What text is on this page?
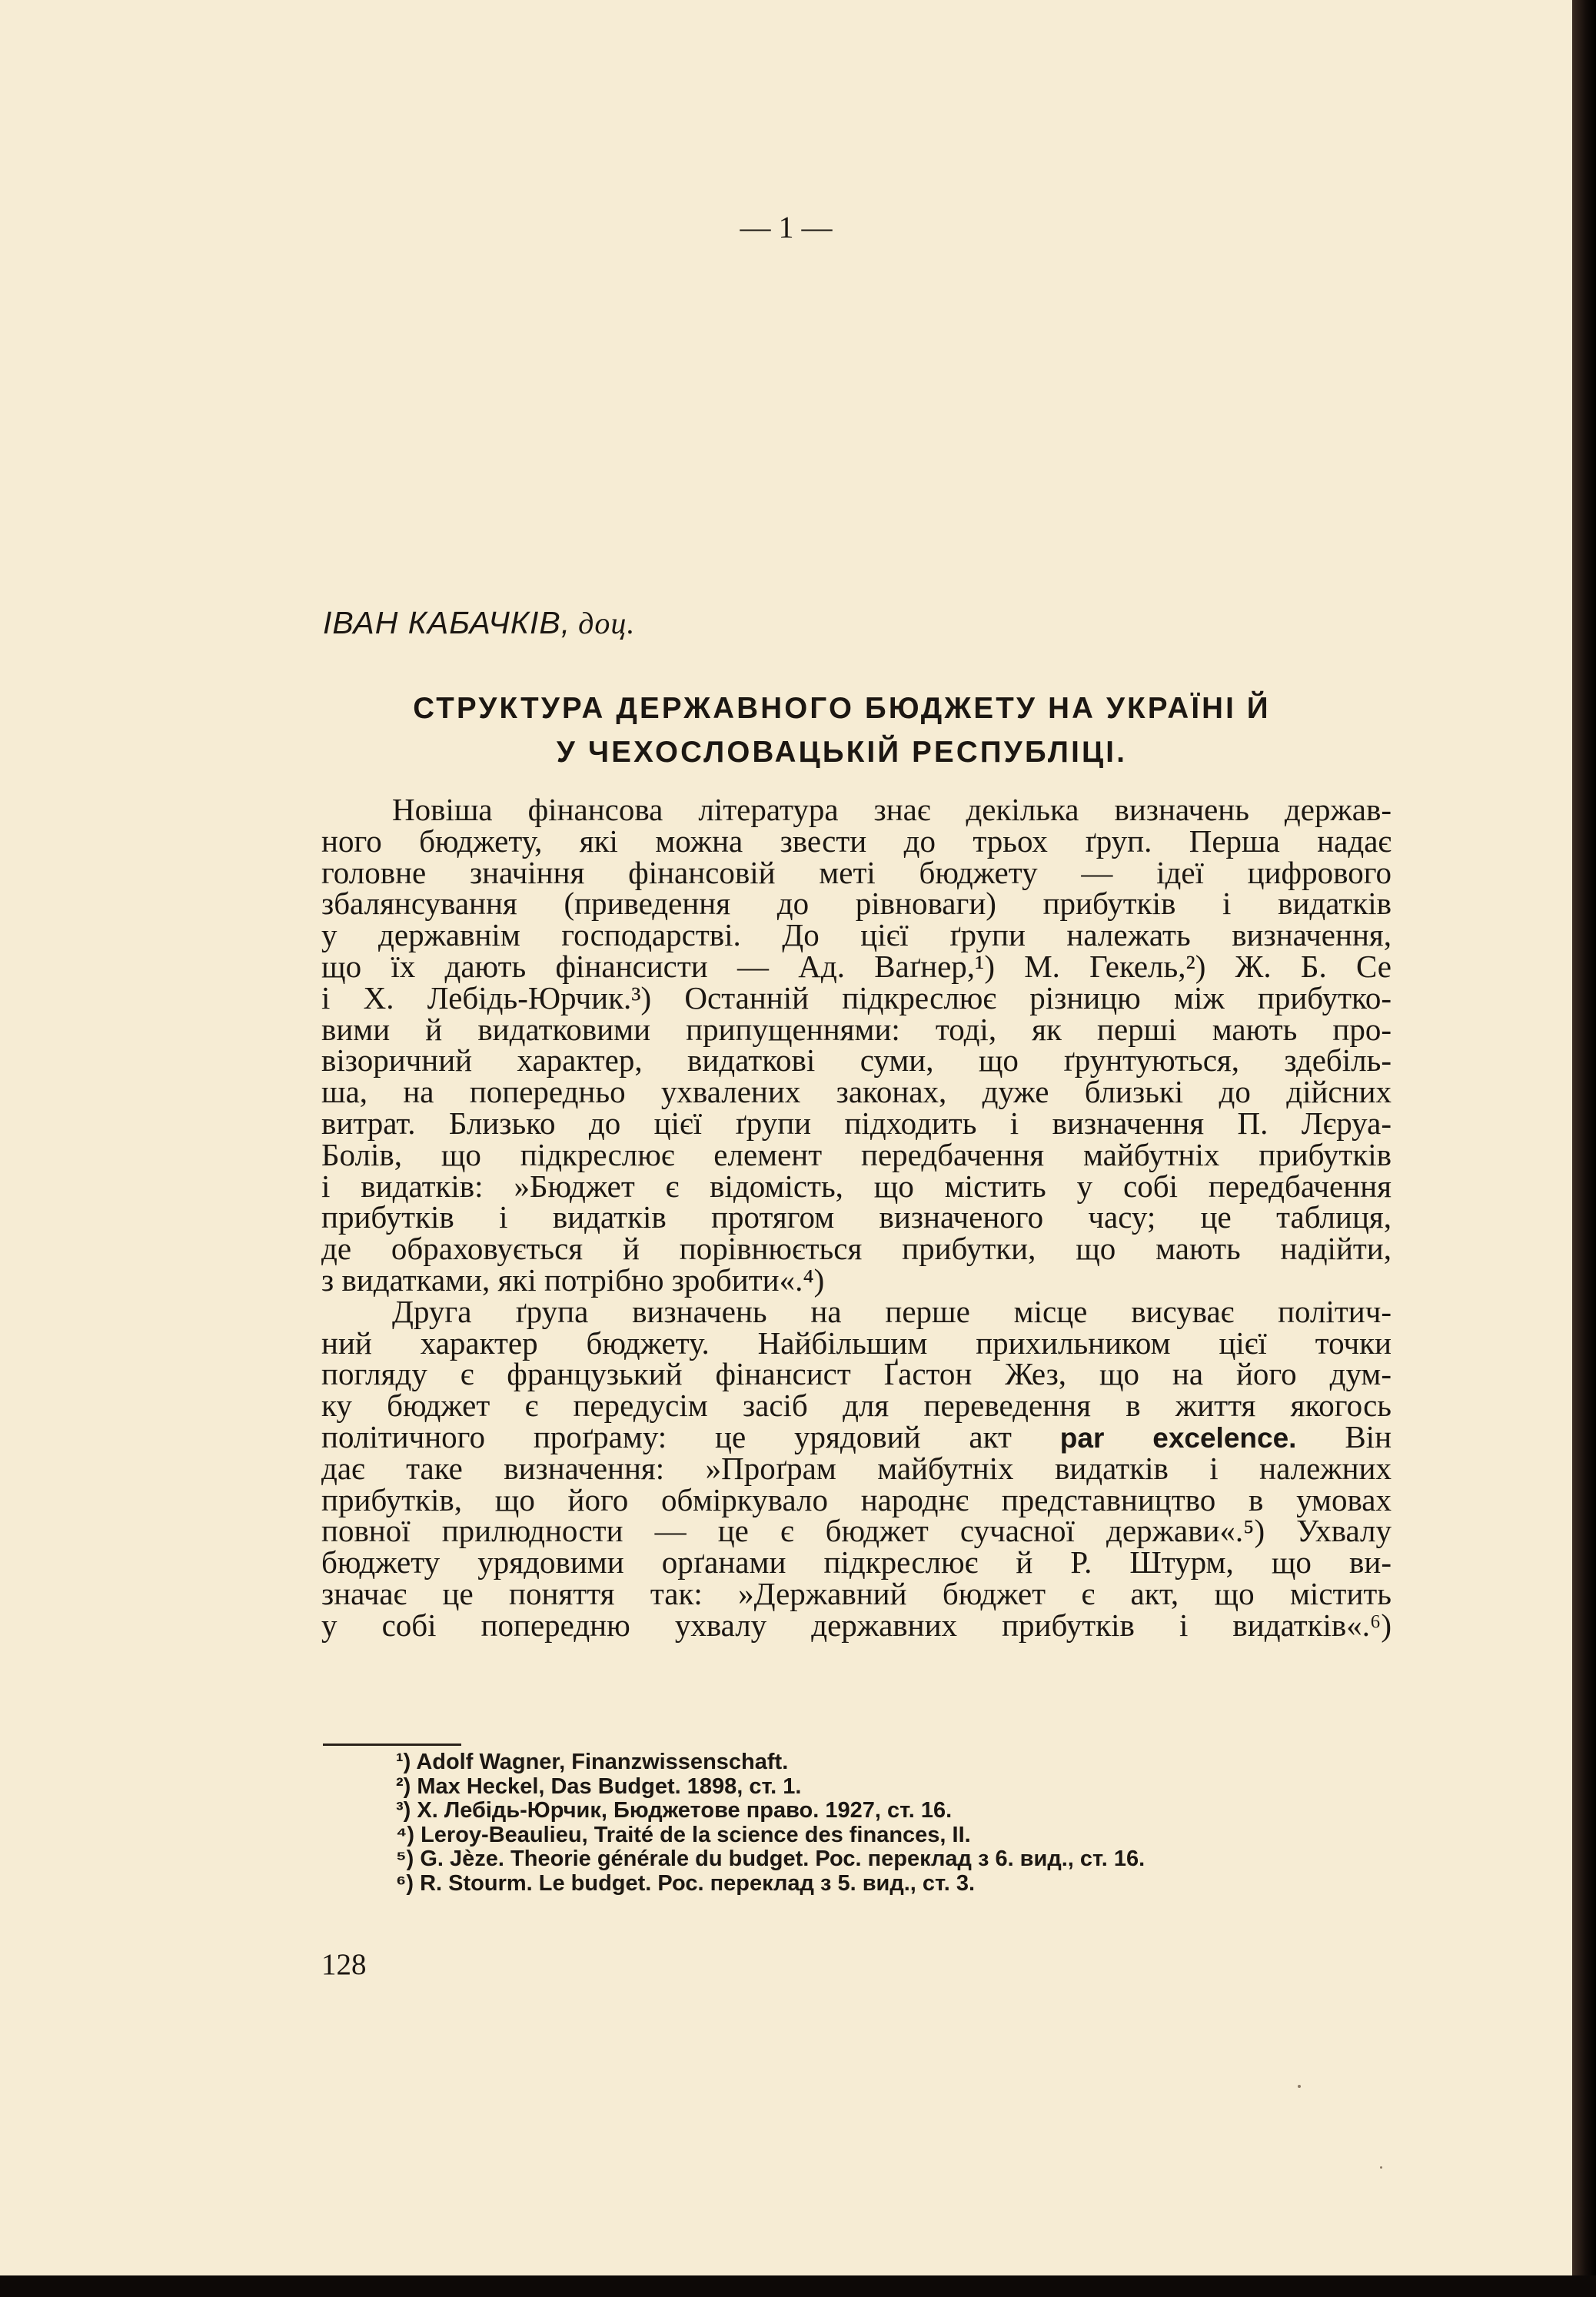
— 1 —
ІВАН КАБАЧКІВ, доц.
СТРУКТУРА ДЕРЖАВНОГО БЮДЖЕТУ НА УКРАЇНІ Й
У ЧЕХОСЛОВАЦЬКІЙ РЕСПУБЛІЦІ.
Новіша фінансова література знає декілька визначень держав-
ного бюджету, які можна звести до трьох ґруп. Перша надає
головне значіння фінансовій меті бюджету — ідеї цифрового
збалянсування (приведення до рівноваги) прибутків і видатків
у державнім господарстві. До цієї ґрупи належать визначення,
що їх дають фінансисти — Ад. Ваґнер,¹) М. Гекель,²) Ж. Б. Се
і Х. Лебідь-Юрчик.³) Останній підкреслює різницю між прибутко-
вими й видатковими припущеннями: тоді, як перші мають про-
візоричний характер, видаткові суми, що ґрунтуються, здебіль-
ша, на попередньо ухвалених законах, дуже близькі до дійсних
витрат. Близько до цієї ґрупи підходить і визначення П. Лєруа-
Болів, що підкреслює елемент передбачення майбутніх прибутків
і видатків: »Бюджет є відомість, що містить у собі передбачення
прибутків і видатків протягом визначеного часу; це таблиця,
де обраховується й порівнюється прибутки, що мають надійти,
з видатками, які потрібно зробити«.⁴)
Друга ґрупа визначень на перше місце висуває політич-
ний характер бюджету. Найбільшим прихильником цієї точки
погляду є французький фінансист Ґастон Жез, що на його дум-
ку бюджет є передусім засіб для переведення в життя якогось
політичного проґраму: це урядовий акт par excelence. Він
дає таке визначення: »Проґрам майбутніх видатків і належних
прибутків, що його обміркувало народнє представництво в умовах
повної прилюдности — це є бюджет сучасної держави«.⁵) Ухвалу
бюджету урядовими орґанами підкреслює й Р. Штурм, що ви-
значає це поняття так: »Державний бюджет є акт, що містить
у собі попередню ухвалу державних прибутків і видатків«.⁶)
¹) Adolf Wagner, Finanzwissenschaft.
²) Max Heckel, Das Budget. 1898, ст. 1.
³) Х. Лебідь-Юрчик, Бюджетове право. 1927, ст. 16.
⁴) Leroy-Beaulieu, Traité de la science des finances, II.
⁵) G. Jèze. Theorie générale du budget. Рос. переклад з 6. вид., ст. 16.
⁶) R. Stourm. Le budget. Рос. переклад з 5. вид., ст. 3.
128
